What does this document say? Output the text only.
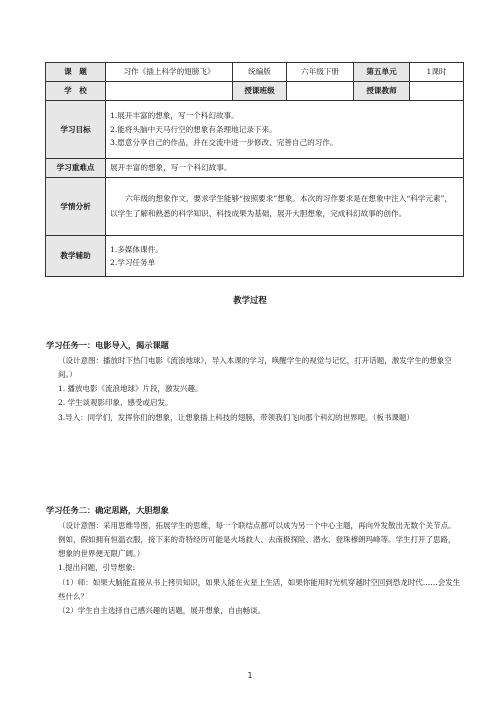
课　题	习作《插上科学的翅膀飞》	统编版	六年级下册	第五单元	1课时
学　校		授课班级		授课教师	
学习目标	1.展开丰富的想象，写一个科幻故事。
2.能将头脑中天马行空的想象有条理地记录下来。
3.愿意分享自己的作品，并在交流中进一步修改、完善自己的习作。				

学习重难点	展开丰富的想象，写一个科幻故事。				
学情分析	六年级的想象作文，要求学生能够“按照要求”想象。本次的习作要求是在想象中注入“科学元素”，以学生了解和熟悉的科学知识、科技成果为基础，展开大胆想象，完成科幻故事的创作。				

教学辅助	1.多媒体课件。
2.学习任务单				
教学过程

学习任务一：电影导入，揭示课题

（设计意图：播放时下热门电影《流浪地球》，导入本课的学习，唤醒学生的视觉与记忆，打开话题，激发学生的想象空间。）

1. 播放电影《流浪地球》片段，激发兴趣。

2. 学生谈观影印象、感受或启发。

3.导入：同学们，发挥你们的想象，让想象插上科技的翅膀，带领我们飞向那个科幻的世界吧。（板书课题）

学习任务二：确定思路，大胆想象

（设计意图：采用思维导图，拓展学生的思维，每一个联结点都可以成为另一个中心主题，再向外发散出无数个关节点。例如，假如拥有恒温衣服，接下来的奇特经历可能是火场救人、去南极探险、潜水、登珠穆朗玛峰等。学生打开了思路，想象的世界便无限广阔。）

1.提出问题，引导想象:

（1）师：如果大脑能直接从书上拷贝知识，如果人能在火星上生活，如果你能用时光机穿越时空回到恐龙时代……会发生些什么？

（2）学生自主选择自己感兴趣的话题，展开想象，自由畅谈。

1
